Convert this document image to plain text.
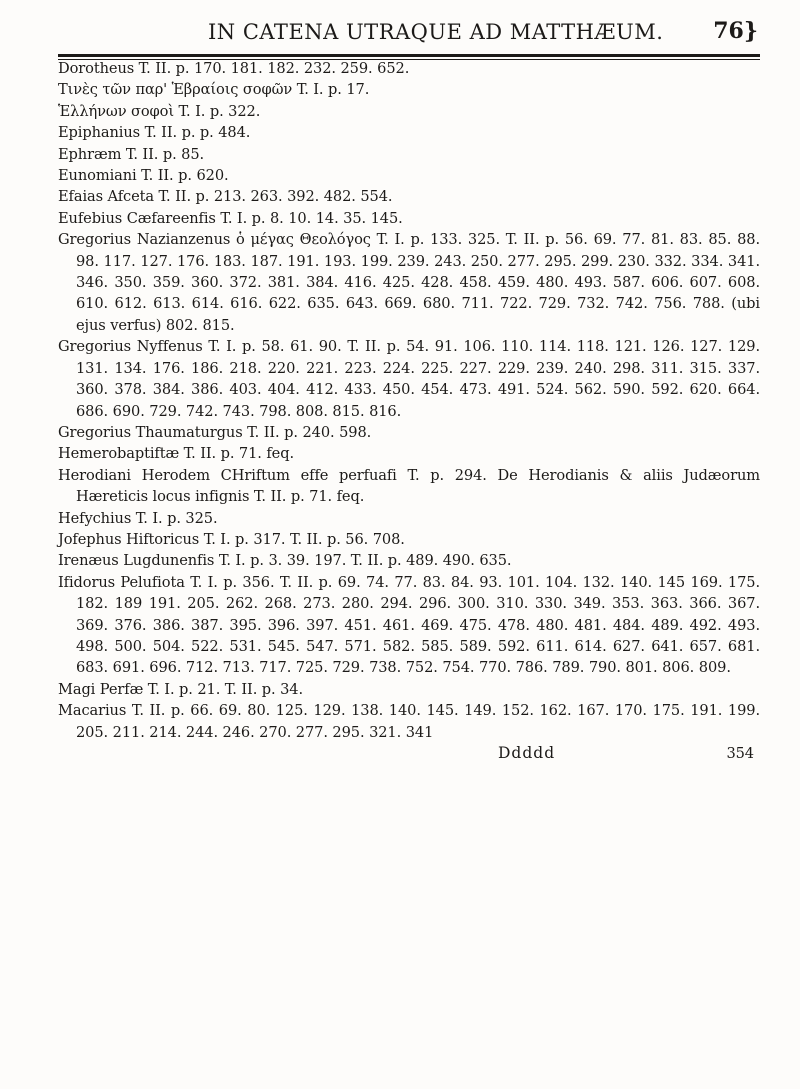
IN CATENA UTRAQUE AD MATTHÆUM. 76}

Dorotheus T. II. p. 170. 181. 182. 232. 259. 652.

Τινὲς τῶν παρ' Ἑβραίοις σοφῶν T. I. p. 17.

Ἑλλήνων σοφοὶ T. I. p. 322.

Epiphanius T. II. p. p. 484.

Ephræm T. II. p. 85.

Eunomiani T. II. p. 620.

Efaias Afceta T. II. p. 213. 263. 392. 482. 554.

Eufebius Cæfareenfis T. I. p. 8. 10. 14. 35. 145.

Gregorius Nazianzenus ὁ μέγας Θεολόγος T. I. p. 133. 325. T. II. p. 56. 69. 77. 81. 83. 85. 88. 98. 117. 127. 176. 183. 187. 191. 193. 199. 239. 243. 250. 277. 295. 299. 230. 332. 334. 341. 346. 350. 359. 360. 372. 381. 384. 416. 425. 428. 458. 459. 480. 493. 587. 606. 607. 608. 610. 612. 613. 614. 616. 622. 635. 643. 669. 680. 711. 722. 729. 732. 742. 756. 788. (ubi ejus verfus) 802. 815.

Gregorius Nyffenus T. I. p. 58. 61. 90. T. II. p. 54. 91. 106. 110. 114. 118. 121. 126. 127. 129. 131. 134. 176. 186. 218. 220. 221. 223. 224. 225. 227. 229. 239. 240. 298. 311. 315. 337. 360. 378. 384. 386. 403. 404. 412. 433. 450. 454. 473. 491. 524. 562. 590. 592. 620. 664. 686. 690. 729. 742. 743. 798. 808. 815. 816.

Gregorius Thaumaturgus T. II. p. 240. 598.

Hemerobaptiftæ T. II. p. 71. feq.

Herodiani Herodem CHriftum effe perfuafi T. p. 294. De Herodianis & aliis Judæorum Hæreticis locus infignis T. II. p. 71. feq.

Hefychius T. I. p. 325.

Jofephus Hiftoricus T. I. p. 317. T. II. p. 56. 708.

Irenæus Lugdunenfis T. I. p. 3. 39. 197. T. II. p. 489. 490. 635.

Ifidorus Pelufiota T. I. p. 356. T. II. p. 69. 74. 77. 83. 84. 93. 101. 104. 132. 140. 145 169. 175. 182. 189 191. 205. 262. 268. 273. 280. 294. 296. 300. 310. 330. 349. 353. 363. 366. 367. 369. 376. 386. 387. 395. 396. 397. 451. 461. 469. 475. 478. 480. 481. 484. 489. 492. 493. 498. 500. 504. 522. 531. 545. 547. 571. 582. 585. 589. 592. 611. 614. 627. 641. 657. 681. 683. 691. 696. 712. 713. 717. 725. 729. 738. 752. 754. 770. 786. 789. 790. 801. 806. 809.

Magi Perfæ T. I. p. 21. T. II. p. 34.

Macarius T. II. p. 66. 69. 80. 125. 129. 138. 140. 145. 149. 152. 162. 167. 170. 175. 191. 199. 205. 211. 214. 244. 246. 270. 277. 295. 321. 341

Ddddd	354
